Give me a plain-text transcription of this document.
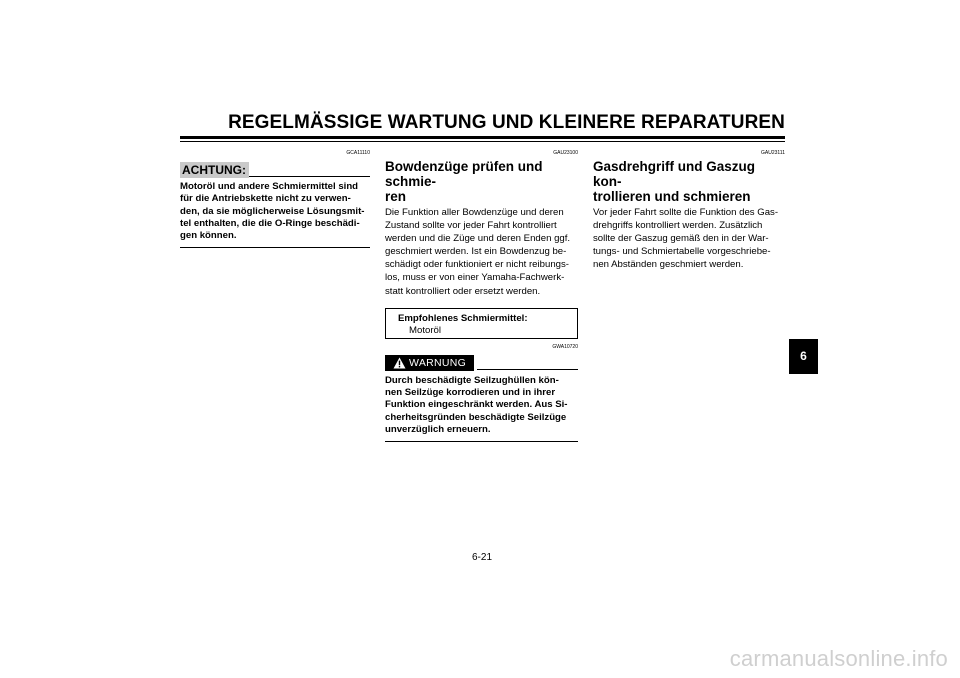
REGELMÄSSIGE WARTUNG UND KLEINERE REPARATUREN
GCA11110
ACHTUNG:
Motoröl und andere Schmiermittel sind
für die Antriebskette nicht zu verwen-
den, da sie möglicherweise Lösungsmit-
tel enthalten, die die O-Ringe beschädi-
gen können.
GAU23100
Bowdenzüge prüfen und schmie-
ren
Die Funktion aller Bowdenzüge und deren
Zustand sollte vor jeder Fahrt kontrolliert
werden und die Züge und deren Enden ggf.
geschmiert werden. Ist ein Bowdenzug be-
schädigt oder funktioniert er nicht reibungs-
los, muss er von einer Yamaha-Fachwerk-
statt kontrolliert oder ersetzt werden.
Empfohlenes Schmiermittel:
Motoröl
GWA10720
WARNUNG
Durch beschädigte Seilzughüllen kön-
nen Seilzüge korrodieren und in ihrer
Funktion eingeschränkt werden. Aus Si-
cherheitsgründen beschädigte Seilzüge
unverzüglich erneuern.
GAU23111
Gasdrehgriff und Gaszug kon-
trollieren und schmieren
Vor jeder Fahrt sollte die Funktion des Gas-
drehgriffs kontrolliert werden. Zusätzlich
sollte der Gaszug gemäß den in der War-
tungs- und Schmiertabelle vorgeschriebe-
nen Abständen geschmiert werden.
6
6-21
carmanualsonline.info
